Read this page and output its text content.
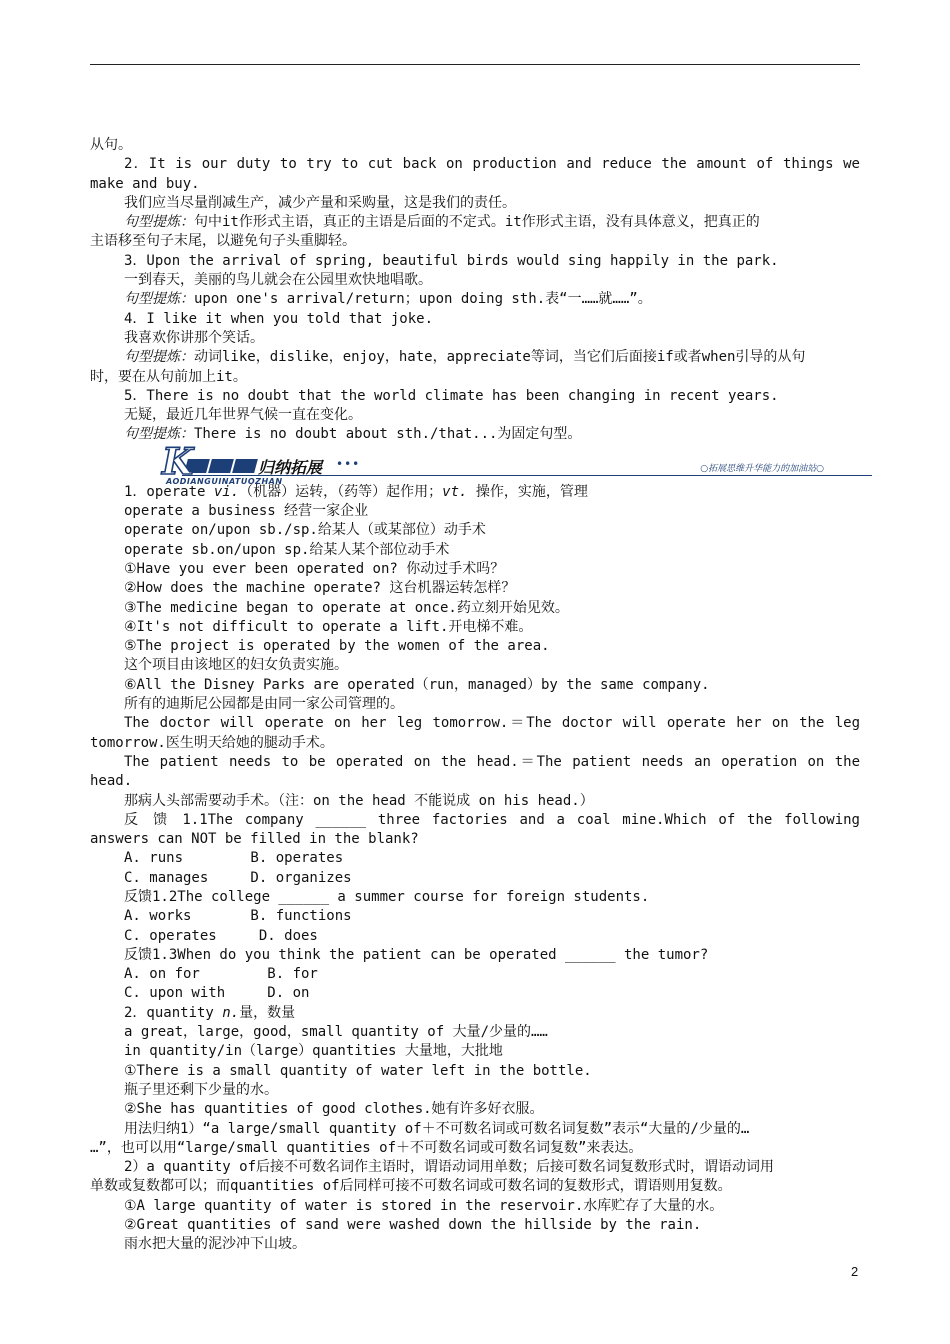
从句。
2．It is our duty to try to cut back on production and reduce the amount of things we
make and buy.
我们应当尽量削减生产，减少产量和采购量，这是我们的责任。
句型提炼：句中it作形式主语，真正的主语是后面的不定式。it作形式主语，没有具体意义，把真正的
主语移至句子末尾，以避免句子头重脚轻。
3．Upon the arrival of spring, beautiful birds would sing happily in the park.
一到春天，美丽的鸟儿就会在公园里欢快地唱歌。
句型提炼：upon one's arrival/return；upon doing sth.表“一……就……”。
4．I like it when you told that joke.
我喜欢你讲那个笑话。
句型提炼：动词like，dislike，enjoy，hate，appreciate等词，当它们后面接if或者when引导的从句
时，要在从句前加上it。
5．There is no doubt that the world climate has been changing in recent years.
无疑，最近几年世界气候一直在变化。
句型提炼：There is no doubt about sth./that...为固定句型。
K	归纳拓展 •••
AODIANGUINATUOZHAN
○拓展思维升华能力的加油站○
1．operate vi.（机器）运转，（药等）起作用；vt. 操作，实施，管理
operate a business 经营一家企业
operate on/upon sb./sp.给某人（或某部位）动手术
operate sb.on/upon sp.给某人某个部位动手术
①Have you ever been operated on? 你动过手术吗？
②How does the machine operate? 这台机器运转怎样？
③The medicine began to operate at once.药立刻开始见效。
④It's not difficult to operate a lift.开电梯不难。
⑤The project is operated by the women of the area.
这个项目由该地区的妇女负责实施。
⑥All the Disney Parks are operated（run，managed）by the same company.
所有的迪斯尼公园都是由同一家公司管理的。
The doctor will operate on her leg tomorrow.＝The doctor will operate her on the leg
tomorrow.医生明天给她的腿动手术。
The patient needs to be operated on the head.＝The patient needs an operation on the
head.
那病人头部需要动手术。（注：on the head 不能说成 on his head.）
反 馈 1.1The company ______ three factories and a coal mine.Which of the following
answers can NOT be filled in the blank?
A. runs        B. operates
C. manages     D. organizes
反馈1.2The college ______ a summer course for foreign students.
A. works       B. functions
C. operates     D. does
反馈1.3When do you think the patient can be operated ______ the tumor?
A. on for        B. for
C. upon with     D. on
2．quantity n.量，数量
a great，large，good，small quantity of 大量/少量的……
in quantity/in（large）quantities 大量地，大批地
①There is a small quantity of water left in the bottle.
瓶子里还剩下少量的水。
②She has quantities of good clothes.她有许多好衣服。
用法归纳1）“a large/small quantity of＋不可数名词或可数名词复数”表示“大量的/少量的…
…”，也可以用“large/small quantities of＋不可数名词或可数名词复数”来表达。
2）a quantity of后接不可数名词作主语时，谓语动词用单数；后接可数名词复数形式时，谓语动词用
单数或复数都可以；而quantities of后同样可接不可数名词或可数名词的复数形式，谓语则用复数。
①A large quantity of water is stored in the reservoir.水库贮存了大量的水。
②Great quantities of sand were washed down the hillside by the rain.
雨水把大量的泥沙冲下山坡。
2
